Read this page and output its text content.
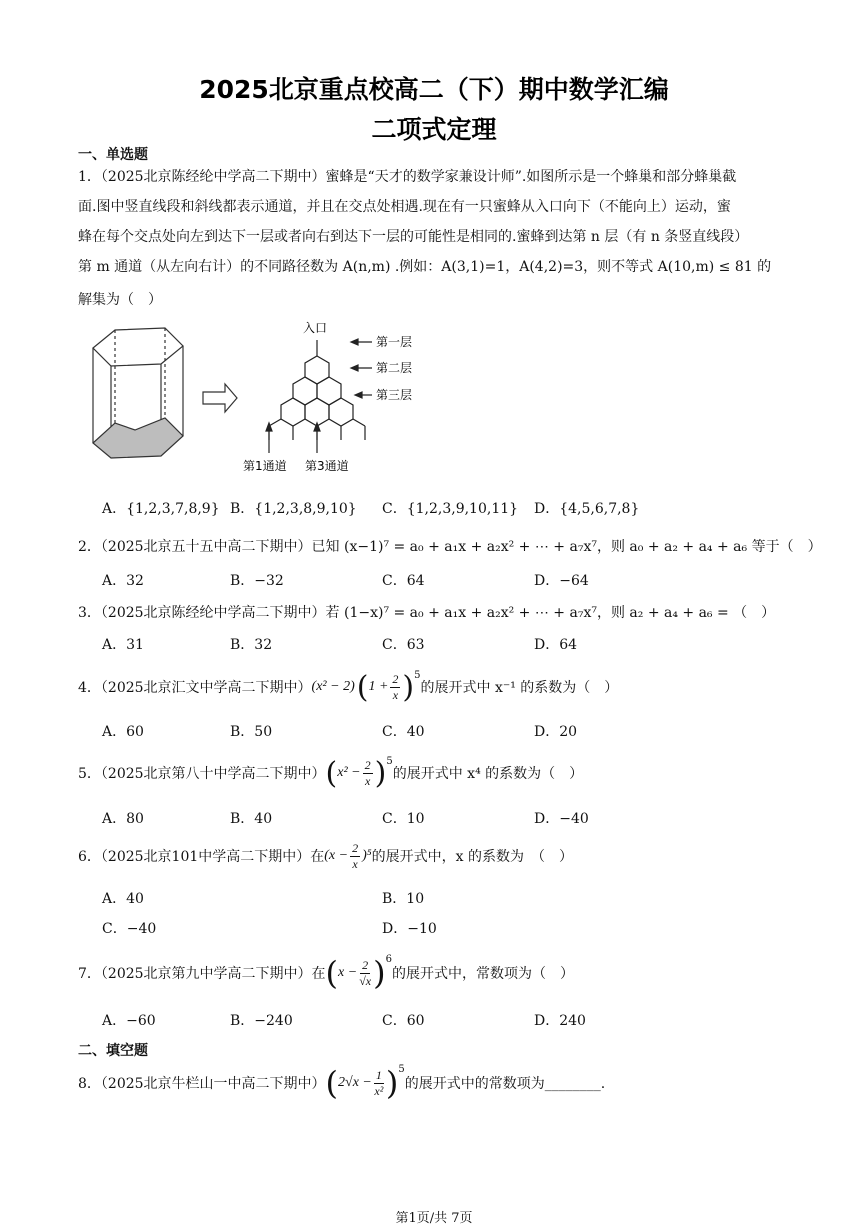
2025北京重点校高二（下）期中数学汇编
二项式定理
一、单选题
1．（2025北京陈经纶中学高二下期中）蜜蜂是“天才的数学家兼设计师”.如图所示是一个蜂巢和部分蜂巢截
面.图中竖直线段和斜线都表示通道，并且在交点处相遇.现在有一只蜜蜂从入口向下（不能向上）运动，蜜
蜂在每个交点处向左到达下一层或者向右到达下一层的可能性是相同的.蜜蜂到达第 n 层（有 n 条竖直线段）
第 m 通道（从左向右计）的不同路径数为 A(n,m) .例如：A(3,1)=1，A(4,2)=3，则不等式 A(10,m) ≤ 81 的
解集为（　）
入口
第一层
第二层
第三层
第1通道 第3通道
A．{1,2,3,7,8,9} B．{1,2,3,8,9,10} C．{1,2,3,9,10,11} D．{4,5,6,7,8}
2．（2025北京五十五中高二下期中）已知 (x−1)⁷ = a₀ + a₁x + a₂x² + ⋯ + a₇x⁷，则 a₀ + a₂ + a₄ + a₆ 等于（　）
A．32	B．−32	C．64	D．−64
3．（2025北京陈经纶中学高二下期中）若 (1−x)⁷ = a₀ + a₁x + a₂x² + ⋯ + a₇x⁷，则 a₂ + a₄ + a₆ = （　）
A．31	B．32	C．63	D．64
4．（2025北京汇文中学高二下期中） (x² − 2) ( $1 + \frac{2}{x} )^5$
的展开式中 x⁻¹ 的系数为（　）
A．60	B．50	C．40	D．20
5．（2025北京第八十中学高二下期中） ( $x^2 - \frac{2}{x} )^5$
的展开式中 x⁴ 的系数为（　）
A．80	B．40	C．10	D．−40
6．（2025北京101中学高二下期中）在 $(x - \frac{2}{x} )^5$ 的展开式中，x 的系数为　（　）
A．40	B．10
C．−40	D．−10
7．（2025北京第九中学高二下期中）在 ( $x - \frac{2}{√x} )^6$
的展开式中，常数项为（　）
A．−60	B．−240	C．60	D．240
二、填空题
8．（2025北京牛栏山一中高二下期中） ( $2√x - \frac{1}{\text{x²}} )^5$
的展开式中的常数项为________.
第1页/共 7页
